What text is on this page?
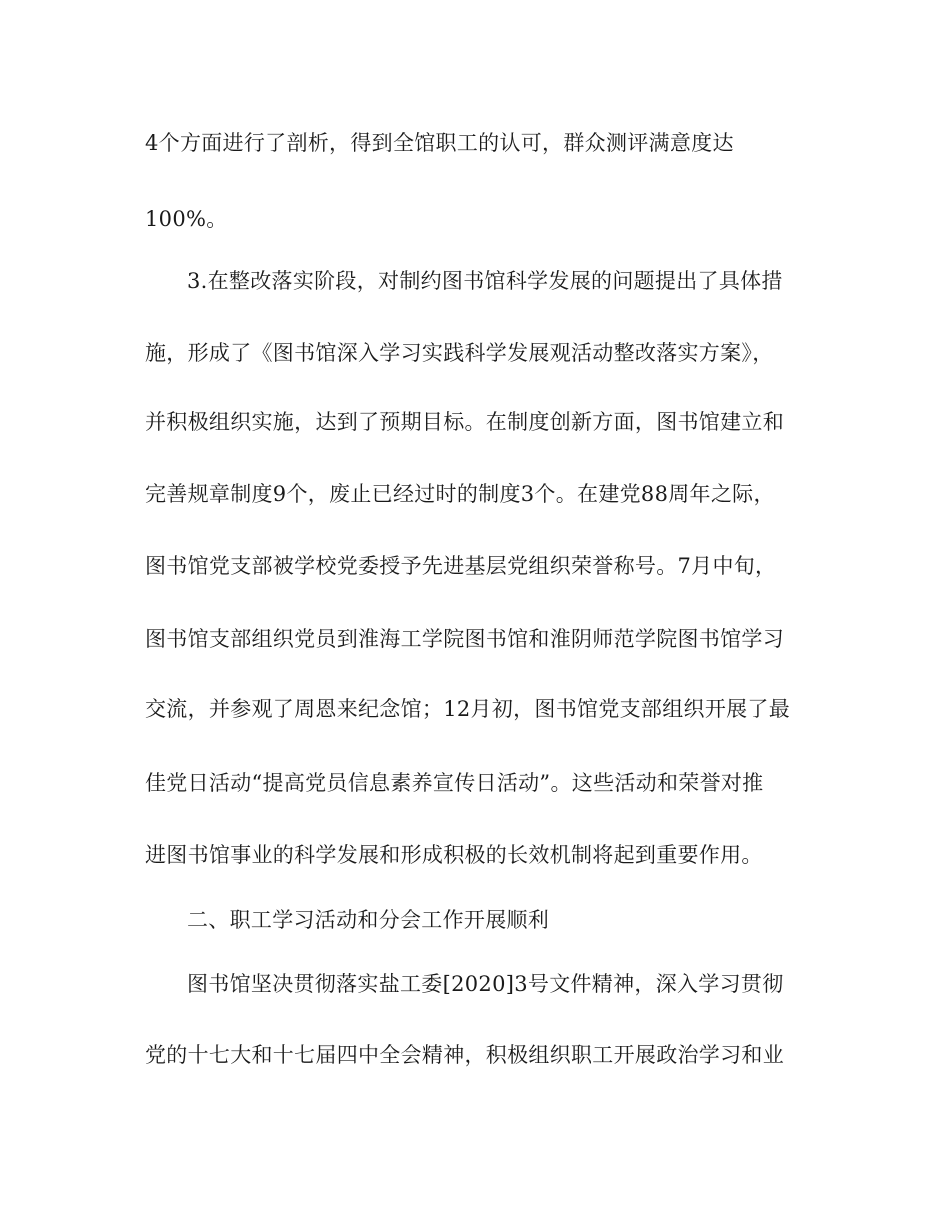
4个方面进行了剖析，得到全馆职工的认可，群众测评满意度达
100%。
3.在整改落实阶段，对制约图书馆科学发展的问题提出了具体措
施，形成了《图书馆深入学习实践科学发展观活动整改落实方案》，
并积极组织实施，达到了预期目标。在制度创新方面，图书馆建立和
完善规章制度9个，废止已经过时的制度3个。在建党88周年之际，
图书馆党支部被学校党委授予先进基层党组织荣誉称号。7月中旬，
图书馆支部组织党员到淮海工学院图书馆和淮阴师范学院图书馆学习
交流，并参观了周恩来纪念馆；12月初，图书馆党支部组织开展了最
佳党日活动“提高党员信息素养宣传日活动”。这些活动和荣誉对推
进图书馆事业的科学发展和形成积极的长效机制将起到重要作用。
二、职工学习活动和分会工作开展顺利
图书馆坚决贯彻落实盐工委[2020]3号文件精神，深入学习贯彻
党的十七大和十七届四中全会精神，积极组织职工开展政治学习和业
